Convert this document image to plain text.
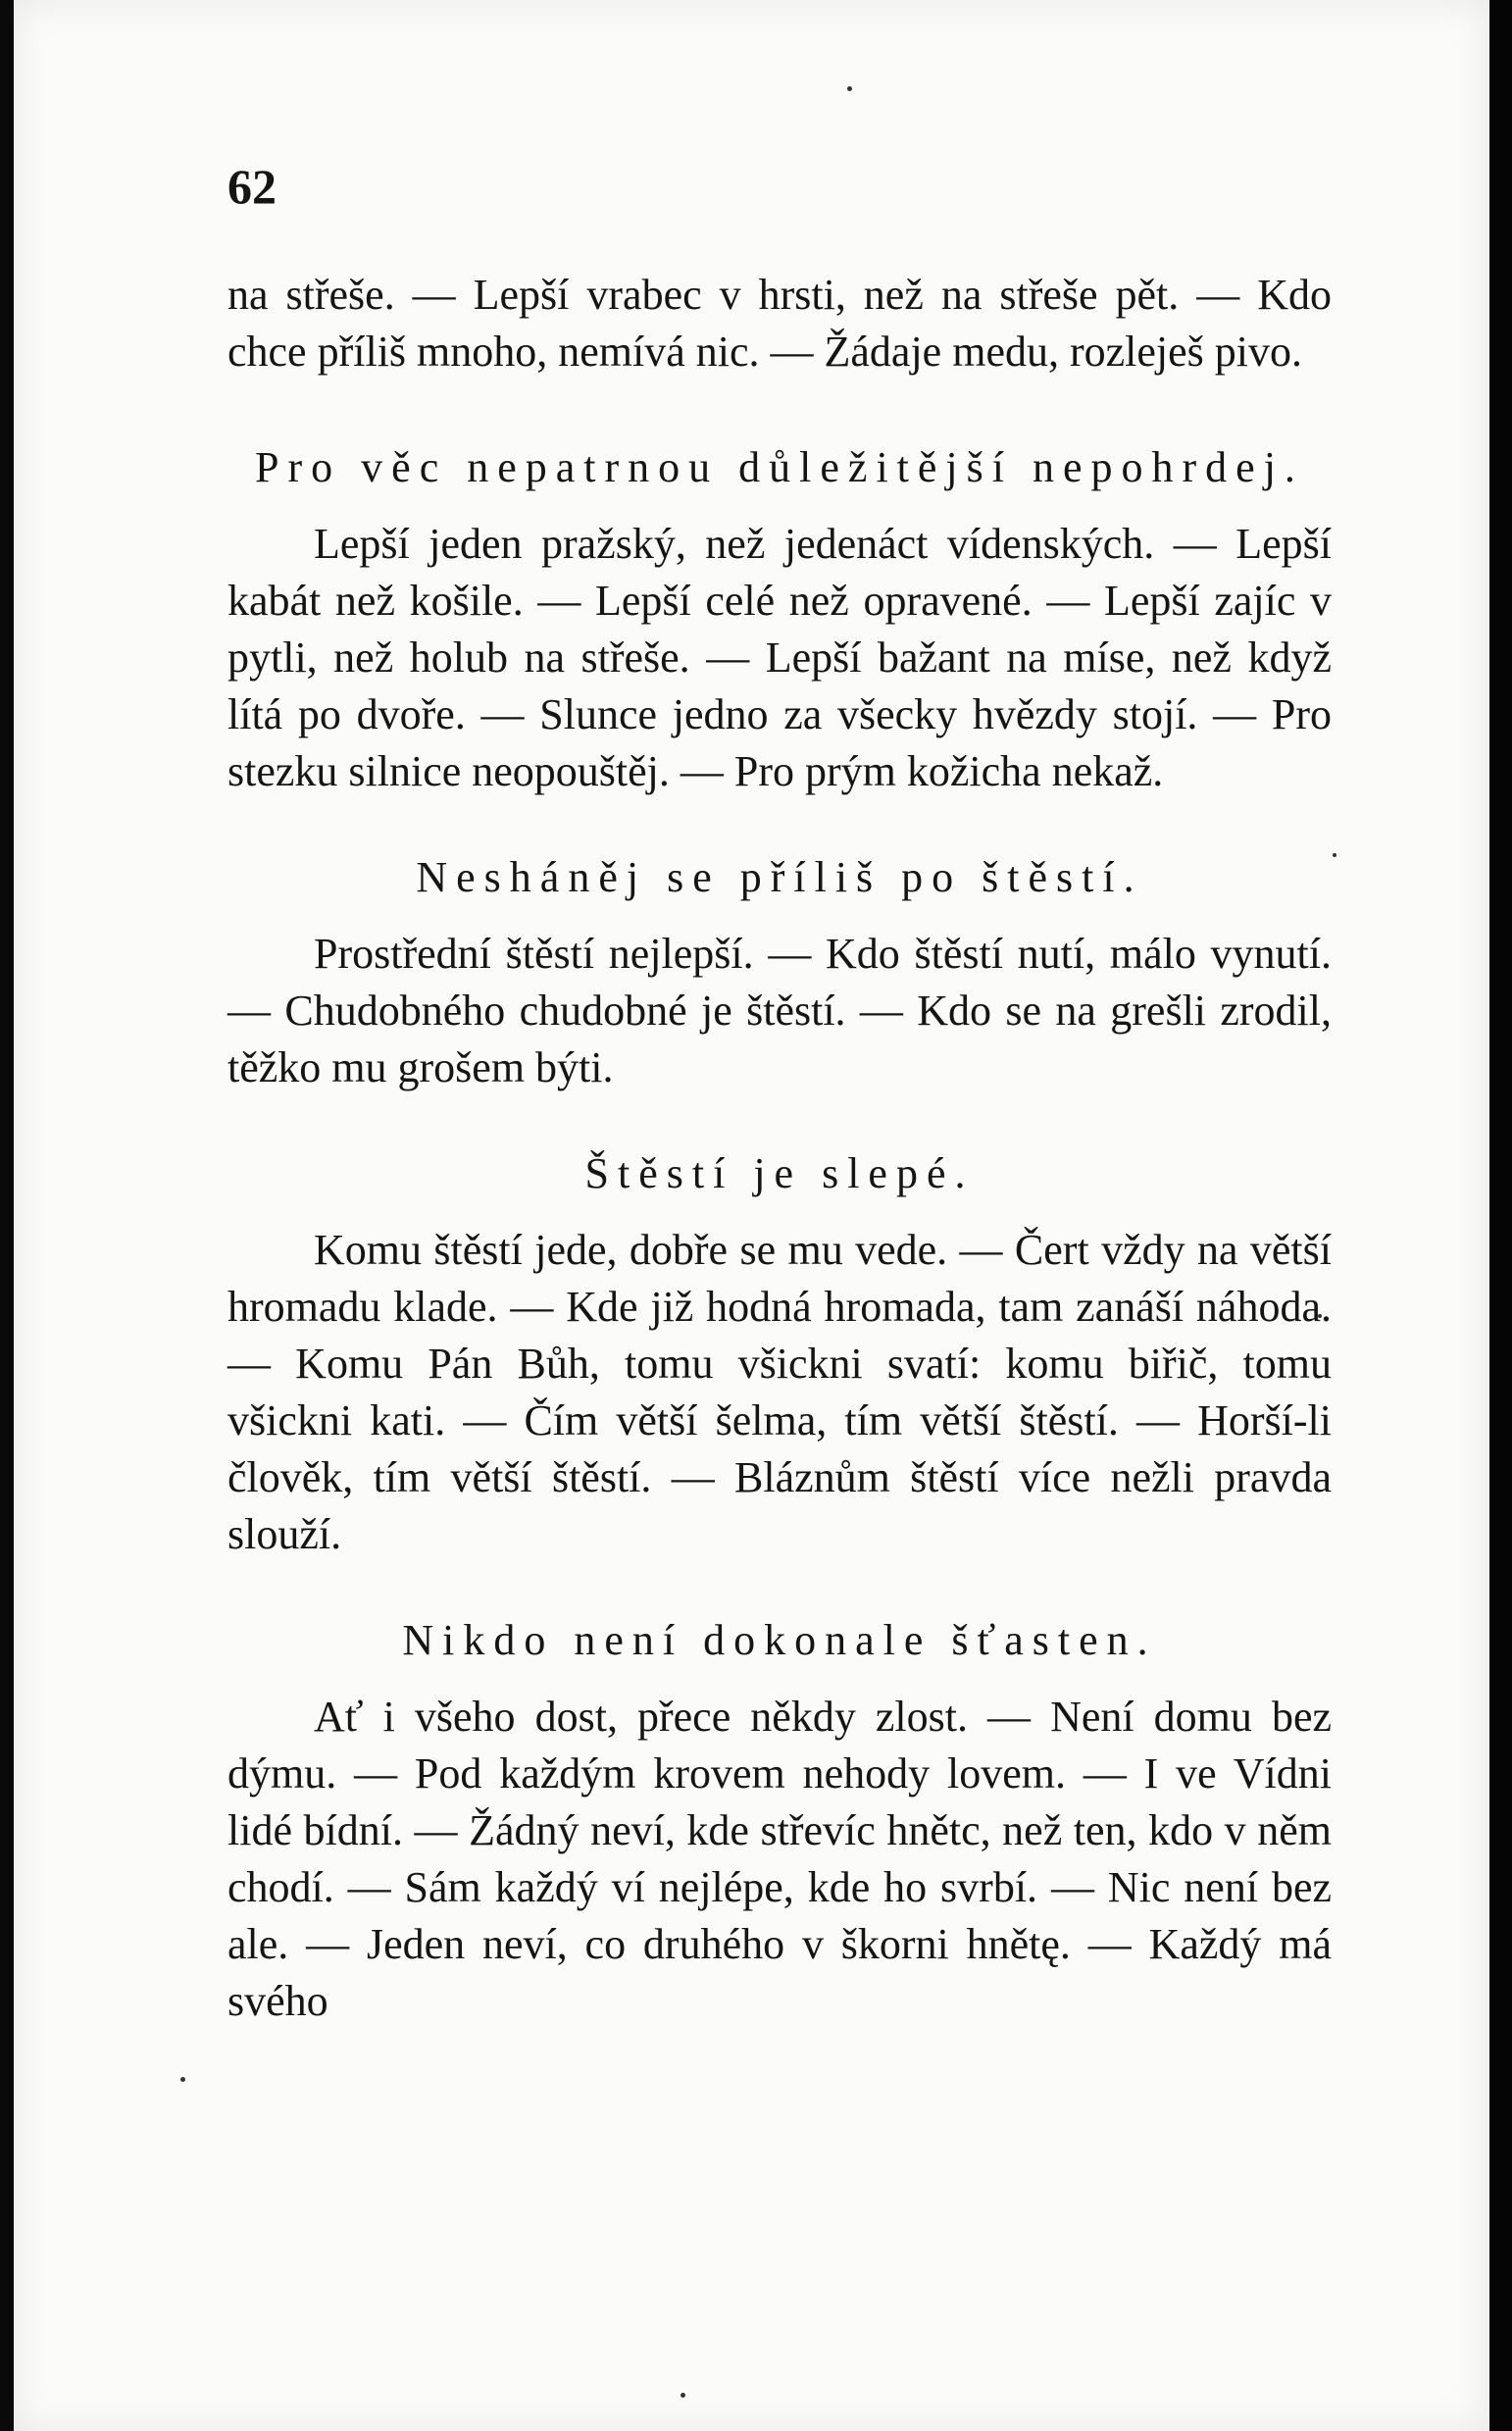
62

na střeše. — Lepší vrabec v hrsti, než na střeše pět. — Kdo chce příliš mnoho, nemívá nic. — Žádaje medu, rozleješ pivo.

Pro věc nepatrnou důležitější nepohrdej.

Lepší jeden pražský, než jedenáct vídenských. — Lepší kabát než košile. — Lepší celé než opravené. — Lepší zajíc v pytli, než holub na střeše. — Lepší bažant na míse, než když lítá po dvoře. — Slunce jedno za všecky hvězdy stojí. — Pro stezku silnice neopouštěj. — Pro prým kožicha nekaž.

Nesháněj se příliš po štěstí.

Prostřední štěstí nejlepší. — Kdo štěstí nutí, málo vynutí. — Chudobného chudobné je štěstí. — Kdo se na grešli zrodil, těžko mu grošem býti.

Štěstí je slepé.

Komu štěstí jede, dobře se mu vede. — Čert vždy na větší hromadu klade. — Kde již hodná hromada, tam zanáší náhoda. — Komu Pán Bůh, tomu všickni svatí: komu biřič, tomu všickni kati. — Čím větší šelma, tím větší štěstí. — Horší-li člověk, tím větší štěstí. — Bláznům štěstí více nežli pravda slouží.

Nikdo není dokonale šťasten.

Ať i všeho dost, přece někdy zlost. — Není domu bez dýmu. — Pod každým krovem nehody lovem. — I ve Vídni lidé bídní. — Žádný neví, kde střevíc hnětc, než ten, kdo v něm chodí. — Sám každý ví nejlépe, kde ho svrbí. — Nic není bez ale. — Jeden neví, co druhého v škorni hnětę. — Každý má svého
